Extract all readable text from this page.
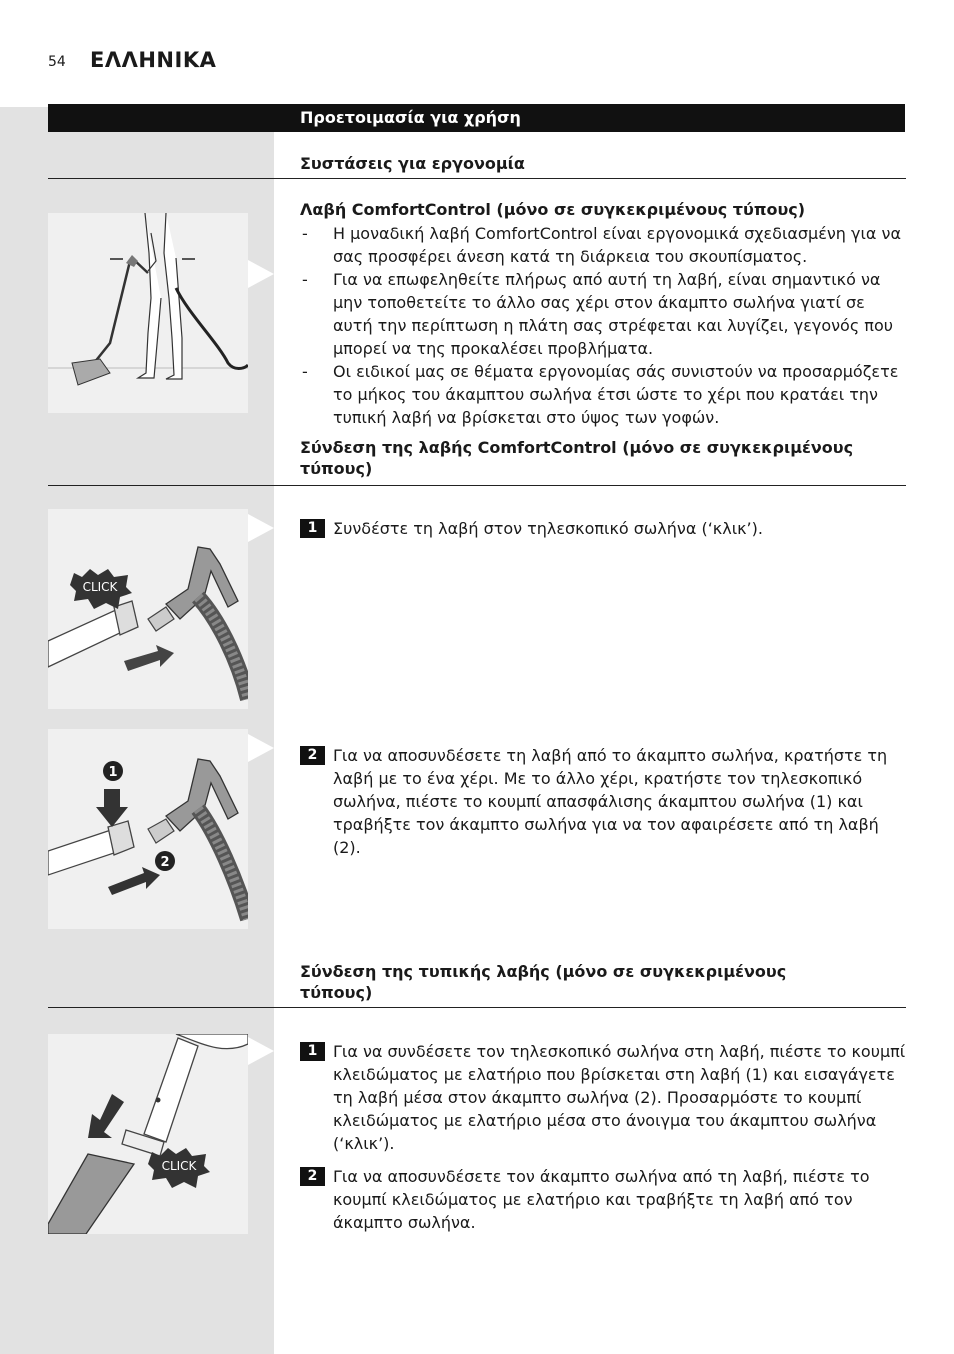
54 ΕΛΛΗΝΙΚΑ
Προετοιμασία για χρήση
Συστάσεις για εργονομία
Λαβή ComfortControl (μόνο σε συγκεκριμένους τύπους)
- Η μοναδική λαβή ComfortControl είναι εργονομικά σχεδιασμένη για να σας προσφέρει άνεση κατά τη διάρκεια του σκουπίσματος.
- Για να επωφεληθείτε πλήρως από αυτή τη λαβή, είναι σημαντικό να μην τοποθετείτε το άλλο σας χέρι στον άκαμπτο σωλήνα γιατί σε αυτή την περίπτωση η πλάτη σας στρέφεται και λυγίζει, γεγονός που μπορεί να της προκαλέσει προβλήματα.
- Οι ειδικοί μας σε θέματα εργονομίας σάς συνιστούν να προσαρμόζετε το μήκος του άκαμπτου σωλήνα έτσι ώστε το χέρι που κρατάει την τυπική λαβή να βρίσκεται στο ύψος των γοφών.
Σύνδεση της λαβής ComfortControl (μόνο σε συγκεκριμένους τύπους)
CLICK
1 Συνδέστε τη λαβή στον τηλεσκοπικό σωλήνα (‘κλικ’).
1
2
2 Για να αποσυνδέσετε τη λαβή από το άκαμπτο σωλήνα, κρατήστε τη λαβή με το ένα χέρι. Με το άλλο χέρι, κρατήστε τον τηλεσκοπικό σωλήνα, πιέστε το κουμπί απασφάλισης άκαμπτου σωλήνα (1) και τραβήξτε τον άκαμπτο σωλήνα για να τον αφαιρέσετε από τη λαβή (2).
Σύνδεση της τυπικής λαβής (μόνο σε συγκεκριμένους τύπους)
CLICK
1 Για να συνδέσετε τον τηλεσκοπικό σωλήνα στη λαβή, πιέστε το κουμπί κλειδώματος με ελατήριο που βρίσκεται στη λαβή (1) και εισαγάγετε τη λαβή μέσα στον άκαμπτο σωλήνα (2). Προσαρμόστε το κουμπί κλειδώματος με ελατήριο μέσα στο άνοιγμα του άκαμπτου σωλήνα (‘κλικ’).
2 Για να αποσυνδέσετε τον άκαμπτο σωλήνα από τη λαβή, πιέστε το κουμπί κλειδώματος με ελατήριο και τραβήξτε τη λαβή από τον άκαμπτο σωλήνα.
